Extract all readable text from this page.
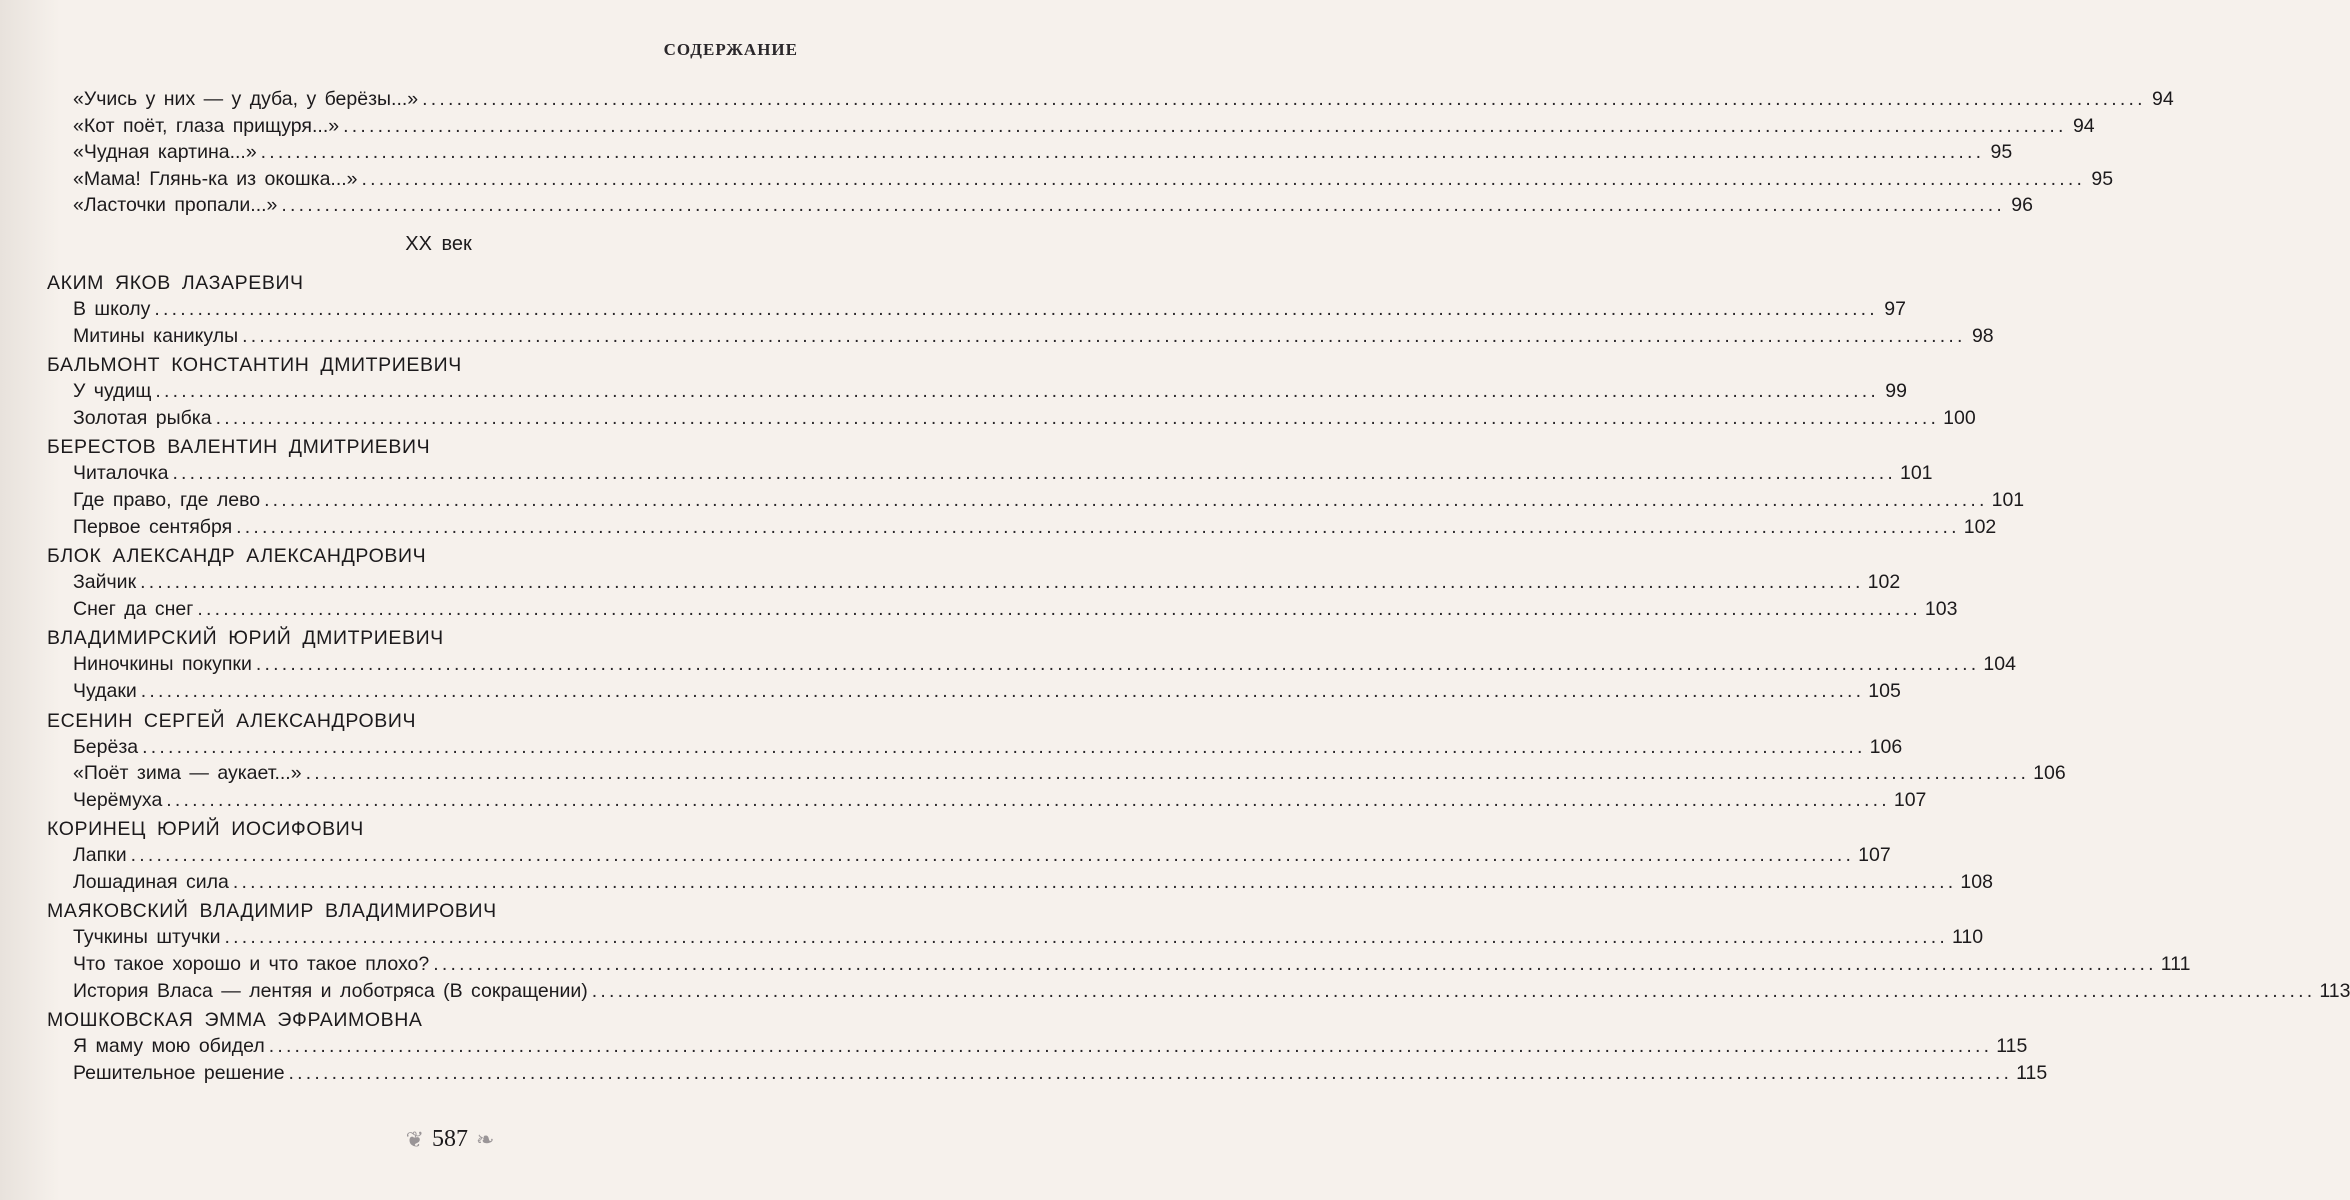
СОДЕРЖАНИЕ
«Учись у них — у дуба, у берёзы...» ........................................................................................................................................................................................................ 94
«Кот поёт, глаза прищуря...» ........................................................................................................................................................................................................ 94
«Чудная картина...» ........................................................................................................................................................................................................ 95
«Мама! Глянь-ка из окошка...» ........................................................................................................................................................................................................ 95
«Ласточки пропали...» ........................................................................................................................................................................................................ 96
XX век
АКИМ ЯКОВ ЛАЗАРЕВИЧ
В школу ........................................................................................................................................................................................................ 97
Митины каникулы ........................................................................................................................................................................................................ 98
БАЛЬМОНТ КОНСТАНТИН ДМИТРИЕВИЧ
У чудищ ........................................................................................................................................................................................................ 99
Золотая рыбка ........................................................................................................................................................................................................ 100
БЕРЕСТОВ ВАЛЕНТИН ДМИТРИЕВИЧ
Читалочка ........................................................................................................................................................................................................ 101
Где право, где лево ........................................................................................................................................................................................................ 101
Первое сентября ........................................................................................................................................................................................................ 102
БЛОК АЛЕКСАНДР АЛЕКСАНДРОВИЧ
Зайчик ........................................................................................................................................................................................................ 102
Снег да снег ........................................................................................................................................................................................................ 103
ВЛАДИМИРСКИЙ ЮРИЙ ДМИТРИЕВИЧ
Ниночкины покупки ........................................................................................................................................................................................................ 104
Чудаки ........................................................................................................................................................................................................ 105
ЕСЕНИН СЕРГЕЙ АЛЕКСАНДРОВИЧ
Берёза ........................................................................................................................................................................................................ 106
«Поёт зима — аукает...» ........................................................................................................................................................................................................ 106
Черёмуха ........................................................................................................................................................................................................ 107
КОРИНЕЦ ЮРИЙ ИОСИФОВИЧ
Лапки ........................................................................................................................................................................................................ 107
Лошадиная сила ........................................................................................................................................................................................................ 108
МАЯКОВСКИЙ ВЛАДИМИР ВЛАДИМИРОВИЧ
Тучкины штучки ........................................................................................................................................................................................................ 110
Что такое хорошо и что такое плохо? ........................................................................................................................................................................................................ 111
История Власа — лентяя и лоботряса (В сокращении) ........................................................................................................................................................................................................ 113
МОШКОВСКАЯ ЭММА ЭФРАИМОВНА
Я маму мою обидел ........................................................................................................................................................................................................ 115
Решительное решение ........................................................................................................................................................................................................ 115
❦ 587 ❧
